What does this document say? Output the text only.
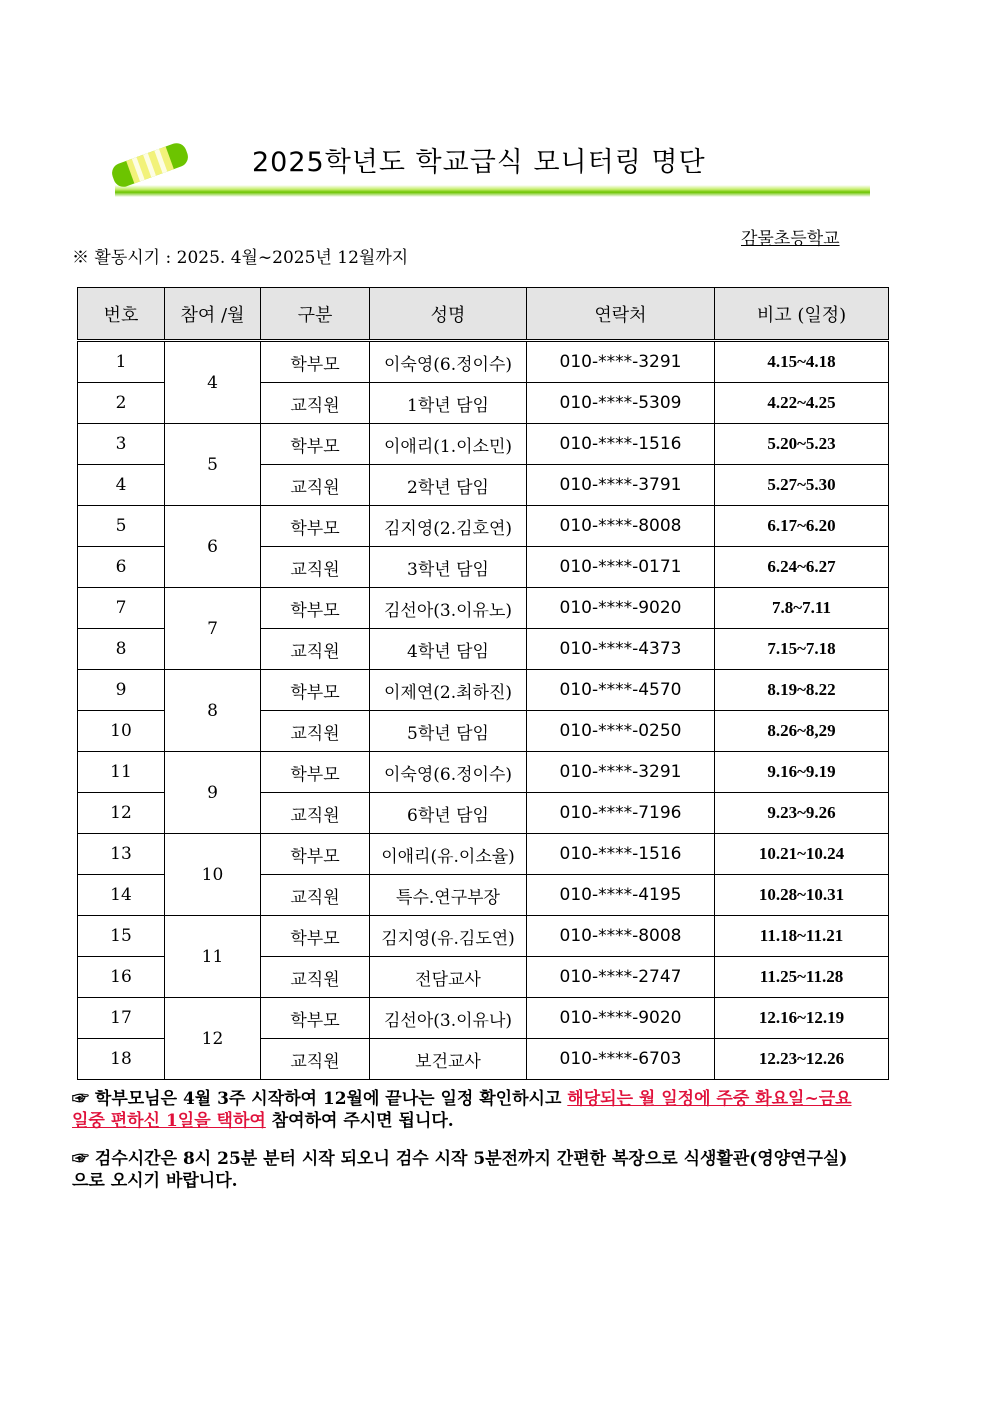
2025학년도 학교급식 모니터링 명단
감물초등학교
※ 활동시기 : 2025. 4월∼2025년 12월까지
번호	참여 /월	구분	성명	연락처	비고 (일정)
1	4	학부모	이숙영(6.정이수)	010-****-3291	4.15~4.18
2		교직원	1학년 담임	010-****-5309	4.22~4.25
3	5	학부모	이애리(1.이소민)	010-****-1516	5.20~5.23
4		교직원	2학년 담임	010-****-3791	5.27~5.30
5	6	학부모	김지영(2.김호연)	010-****-8008	6.17~6.20
6		교직원	3학년 담임	010-****-0171	6.24~6.27
7	7	학부모	김선아(3.이유노)	010-****-9020	7.8~7.11
8		교직원	4학년 담임	010-****-4373	7.15~7.18
9	8	학부모	이제연(2.최하진)	010-****-4570	8.19~8.22
10		교직원	5학년 담임	010-****-0250	8.26~8,29
11	9	학부모	이숙영(6.정이수)	010-****-3291	9.16~9.19
12		교직원	6학년 담임	010-****-7196	9.23~9.26
13	10	학부모	이애리(유.이소율)	010-****-1516	10.21~10.24
14		교직원	특수.연구부장	010-****-4195	10.28~10.31
15	11	학부모	김지영(유.김도연)	010-****-8008	11.18~11.21
16		교직원	전담교사	010-****-2747	11.25~11.28
17	12	학부모	김선아(3.이유나)	010-****-9020	12.16~12.19
18		교직원	보건교사	010-****-6703	12.23~12.26
☞ 학부모님은 4월 3주 시작하여 12월에 끝나는 일정 확인하시고 해당되는 월 일정에 주중 화요일~금요일중 편하신 1일을 택하여 참여하여 주시면 됩니다.
☞ 검수시간은 8시 25분 분터 시작 되오니 검수 시작 5분전까지 간편한 복장으로 식생활관(영양연구실)으로 오시기 바랍니다.
